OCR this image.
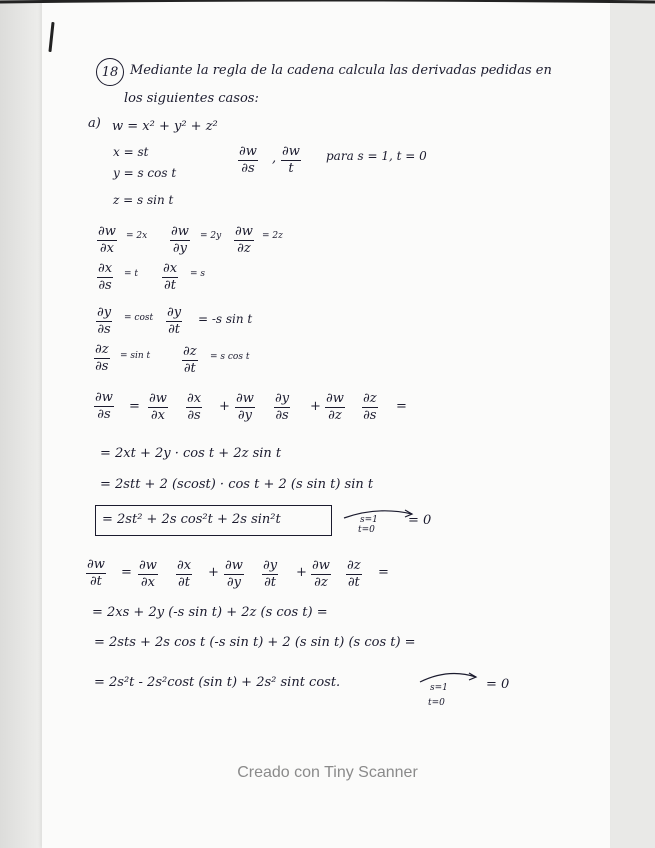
18 Mediante la regla de la cadena calcula las derivadas pedidas en
los siguientes casos:
a) w = x² + y² + z²
x = st
y = s cos t
z = s sin t
$\frac{\partial w}{\partial s}$ , $\frac{\partial w}{t}$ para s = 1, t = 0
$\frac{\partial w}{\partial x} = 2x \frac{\partial w}{\partial y} = 2y \frac{\partial w}{\partial z} = 2z$
$\frac{\partial x}{\partial s} = t \frac{\partial x}{\partial t} = s$
$\frac{\partial y}{\partial s} = \cos t \frac{\partial y}{\partial t} = -s$ sin t
$\frac{\partial z}{\partial s} = \sin t \frac{\partial z}{\partial t} = s$ cos t
$\frac{\partial w}{\partial s} = \frac{\partial w}{\partial x} \frac{\partial x}{\partial s} + \frac{\partial w}{\partial y} \frac{\partial y}{\partial s} + \frac{\partial w}{\partial z} \frac{\partial z}{\partial s}$ =
= 2xt + 2y · cos t + 2z sin t
= 2stt + 2 (scost) · cos t + 2 (s sin t) sin t
= 2st² + 2s cos²t + 2s sin²t	s=1
t=0
= 0
$\frac{\partial w}{\partial t} = \frac{\partial w}{\partial x} \frac{\partial x}{\partial t} + \frac{\partial w}{\partial y} \frac{\partial y}{\partial t} + \frac{\partial w}{\partial z} \frac{\partial z}{\partial t}$ =
= 2xs + 2y (-s sin t) + 2z (s cos t) =
= 2sts + 2s cos t (-s sin t) + 2 (s sin t) (s cos t) =
= 2s²t - 2s²cost (sin t) + 2s² sint cost.	s=1
t=0
= 0
Creado con Tiny Scanner
